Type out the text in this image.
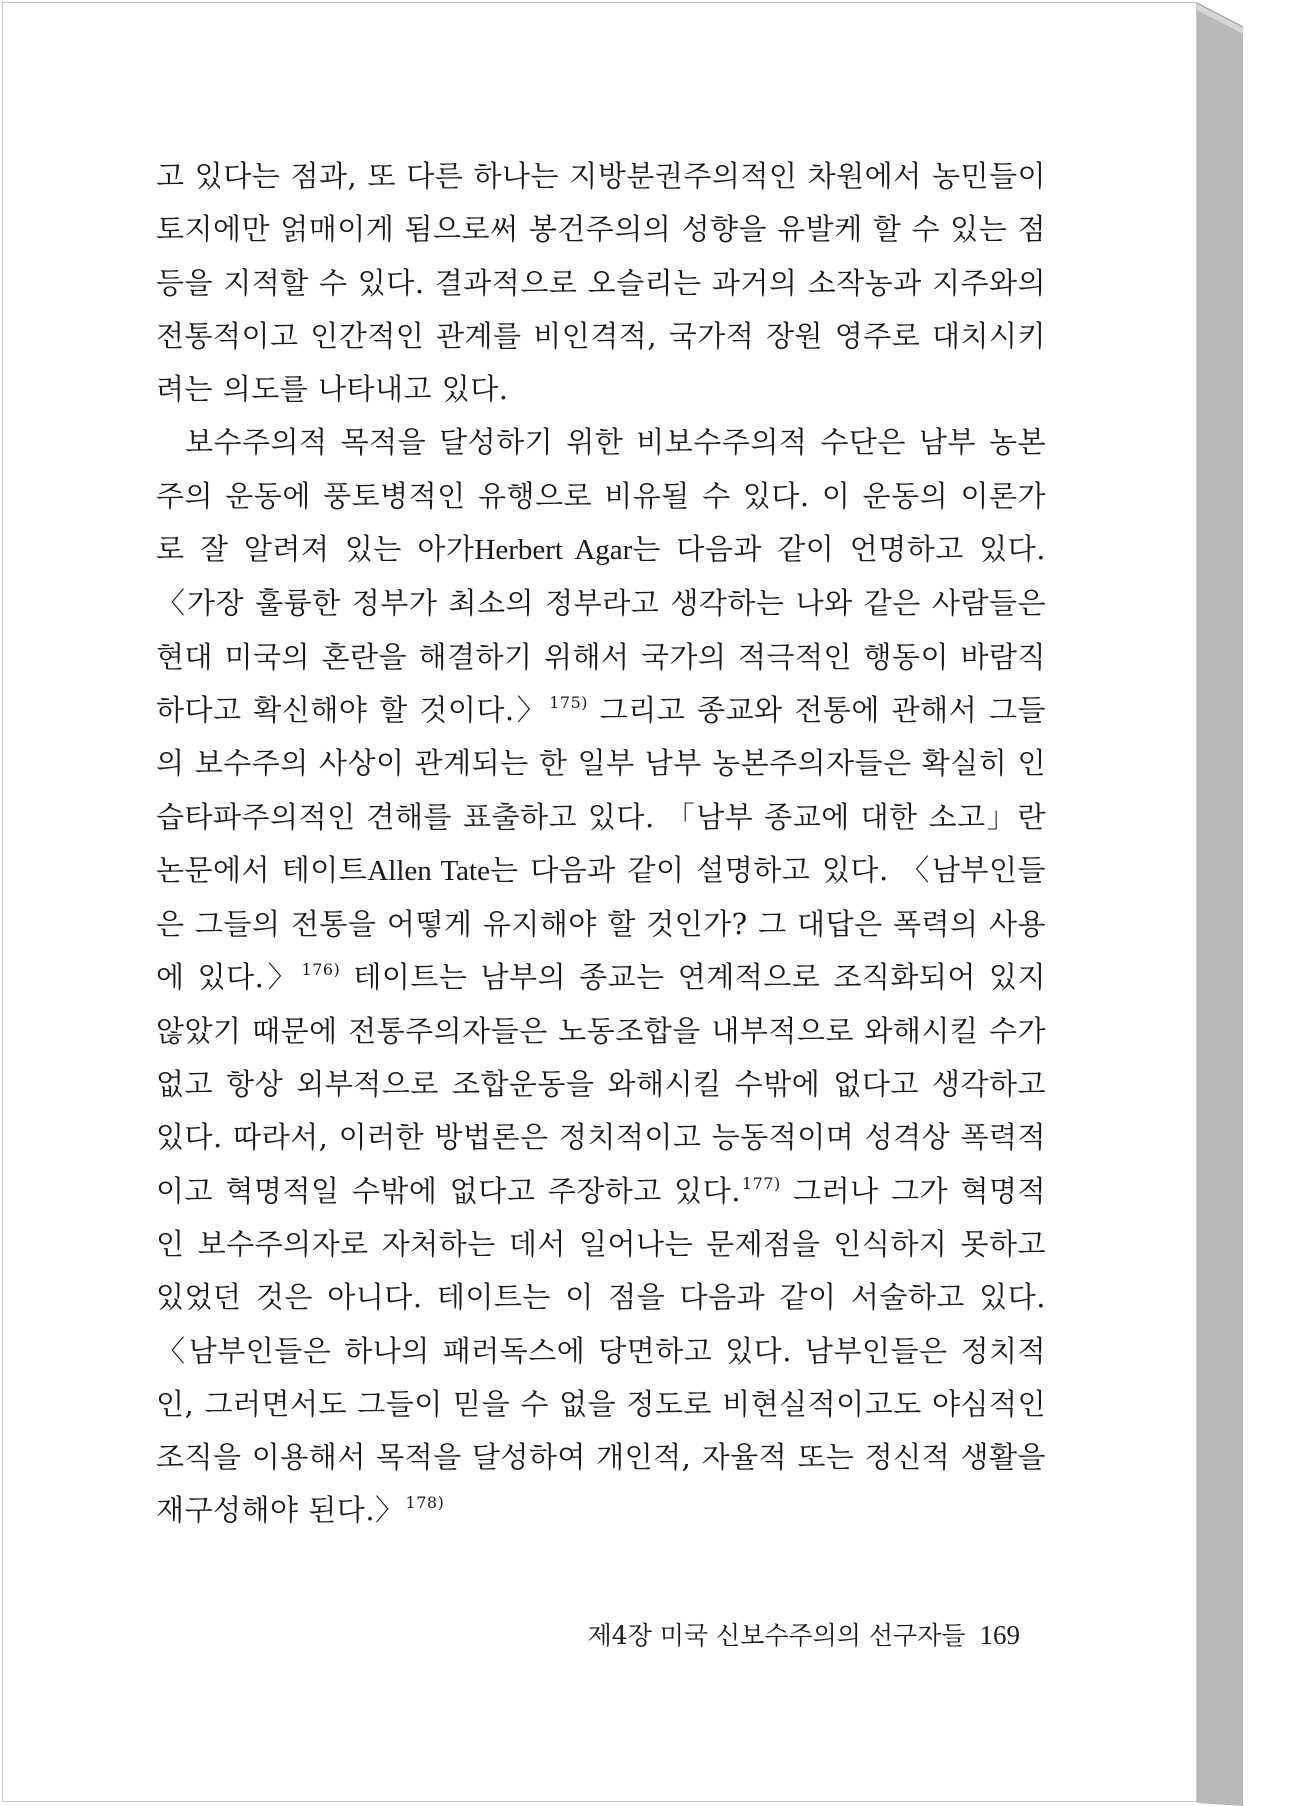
고 있다는 점과, 또 다른 하나는 지방분권주의적인 차원에서 농민들이 토지에만 얽매이게 됨으로써 봉건주의의 성향을 유발케 할 수 있는 점 등을 지적할 수 있다. 결과적으로 오슬리는 과거의 소작농과 지주와의 전통적이고 인간적인 관계를 비인격적, 국가적 장원 영주로 대치시키려는 의도를 나타내고 있다.

보수주의적 목적을 달성하기 위한 비보수주의적 수단은 남부 농본주의 운동에 풍토병적인 유행으로 비유될 수 있다. 이 운동의 이론가로 잘 알려져 있는 아가Herbert Agar는 다음과 같이 언명하고 있다. 〈가장 훌륭한 정부가 최소의 정부라고 생각하는 나와 같은 사람들은 현대 미국의 혼란을 해결하기 위해서 국가의 적극적인 행동이 바람직하다고 확신해야 할 것이다.〉$^{175)}$ 그리고 종교와 전통에 관해서 그들의 보수주의 사상이 관계되는 한 일부 남부 농본주의자들은 확실히 인습타파주의적인 견해를 표출하고 있다. 「남부 종교에 대한 소고」란 논문에서 테이트Allen Tate는 다음과 같이 설명하고 있다. 〈남부인들은 그들의 전통을 어떻게 유지해야 할 것인가? 그 대답은 폭력의 사용에 있다.〉$^{176)}$ 테이트는 남부의 종교는 연계적으로 조직화되어 있지 않았기 때문에 전통주의자들은 노동조합을 내부적으로 와해시킬 수가 없고 항상 외부적으로 조합운동을 와해시킬 수밖에 없다고 생각하고 있다. 따라서, 이러한 방법론은 정치적이고 능동적이며 성격상 폭력적이고 혁명적일 수밖에 없다고 주장하고 있다.$^{177)}$ 그러나 그가 혁명적인 보수주의자로 자처하는 데서 일어나는 문제점을 인식하지 못하고 있었던 것은 아니다. 테이트는 이 점을 다음과 같이 서술하고 있다. 〈남부인들은 하나의 패러독스에 당면하고 있다. 남부인들은 정치적인, 그러면서도 그들이 믿을 수 없을 정도로 비현실적이고도 야심적인 조직을 이용해서 목적을 달성하여 개인적, 자율적 또는 정신적 생활을 재구성해야 된다.〉$^{178)}$

제4장 미국 신보수주의의 선구자들 169
